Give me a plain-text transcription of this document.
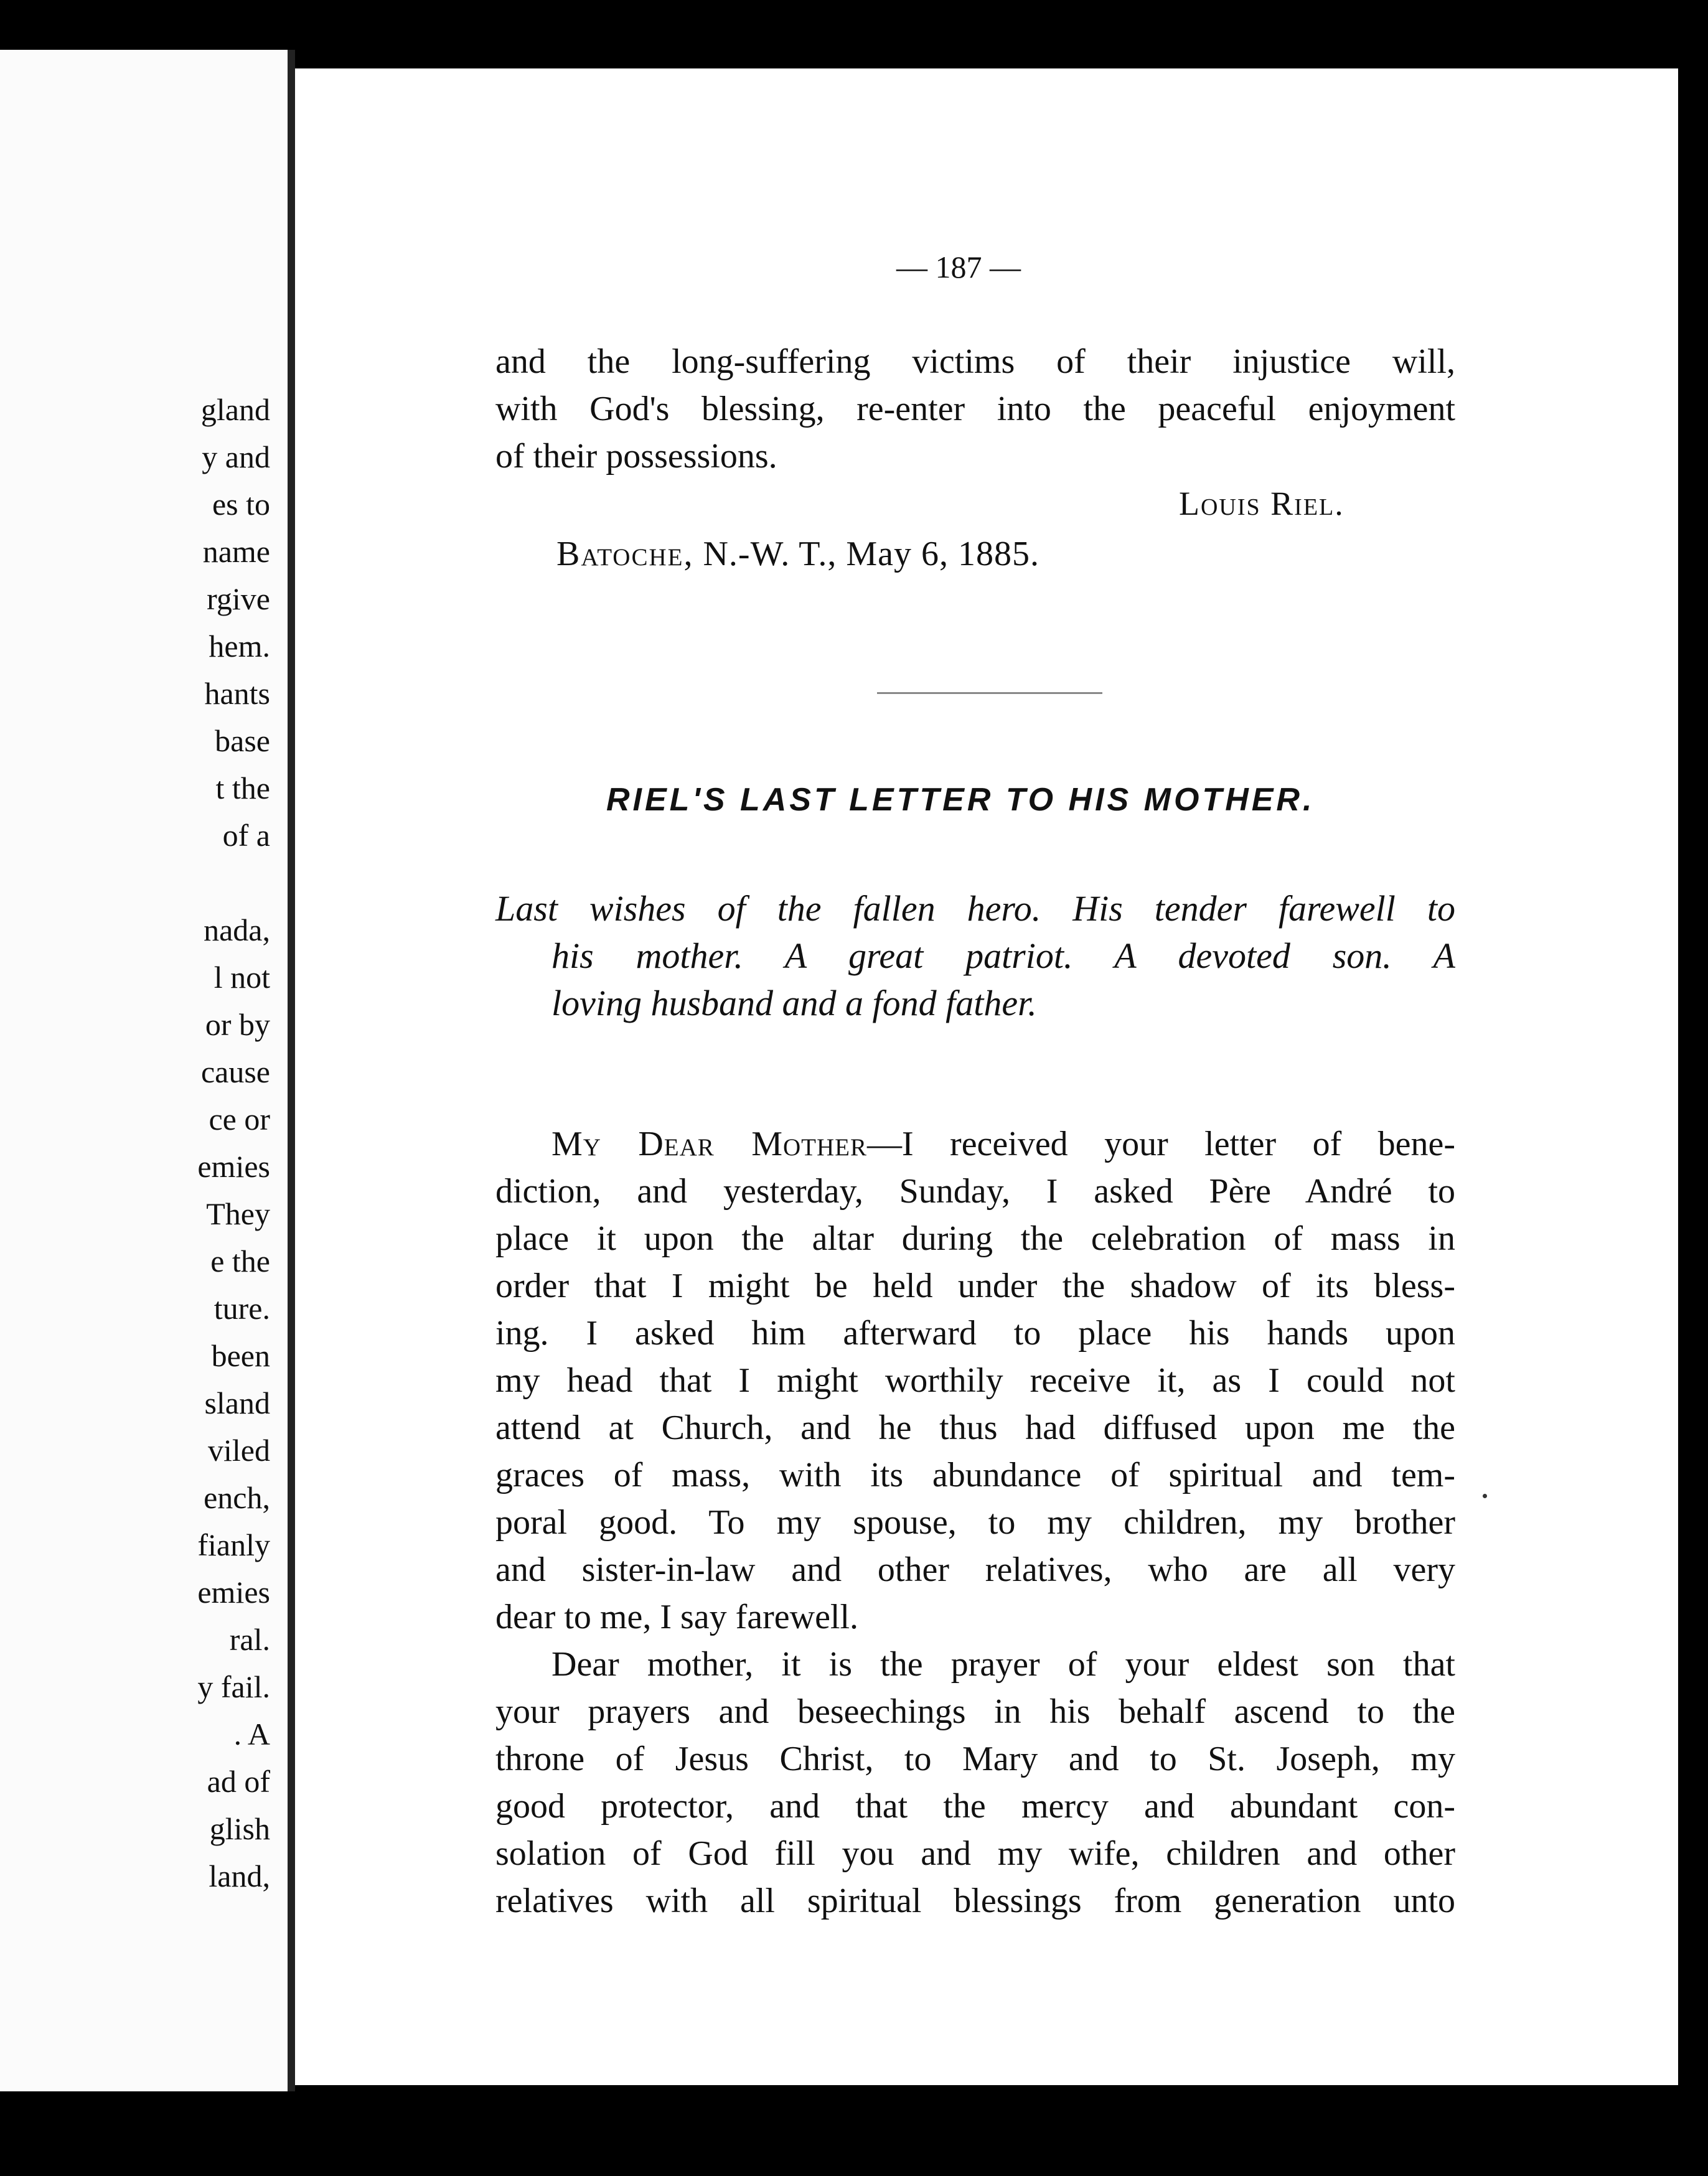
gland
y and
es to
name
rgive
hem.
hants
base
t the
of a
nada,
l not
or by
cause
ce or
emies
They
e the
ture.
been
sland
viled
ench,
fianly
emies
ral.
y fail.
. A
ad of
glish
land,
— 187 —

and the long-suffering victims of their injustice will,

with God's blessing, re-enter into the peaceful enjoyment

of their possessions.

Louis Riel.
Batoche, N.-W. T., May 6, 1885.
RIEL'S LAST LETTER TO HIS MOTHER.
Last wishes of the fallen hero. His tender farewell to
his mother. A great patriot. A devoted son. A
loving husband and a fond father.

My Dear Mother—I received your letter of bene-

diction, and yesterday, Sunday, I asked Père André to

place it upon the altar during the celebration of mass in

order that I might be held under the shadow of its bless-

ing. I asked him afterward to place his hands upon

my head that I might worthily receive it, as I could not

attend at Church, and he thus had diffused upon me the

graces of mass, with its abundance of spiritual and tem-

poral good. To my spouse, to my children, my brother

and sister-in-law and other relatives, who are all very

dear to me, I say farewell.

Dear mother, it is the prayer of your eldest son that

your prayers and beseechings in his behalf ascend to the

throne of Jesus Christ, to Mary and to St. Joseph, my

good protector, and that the mercy and abundant con-

solation of God fill you and my wife, children and other

relatives with all spiritual blessings from generation unto
